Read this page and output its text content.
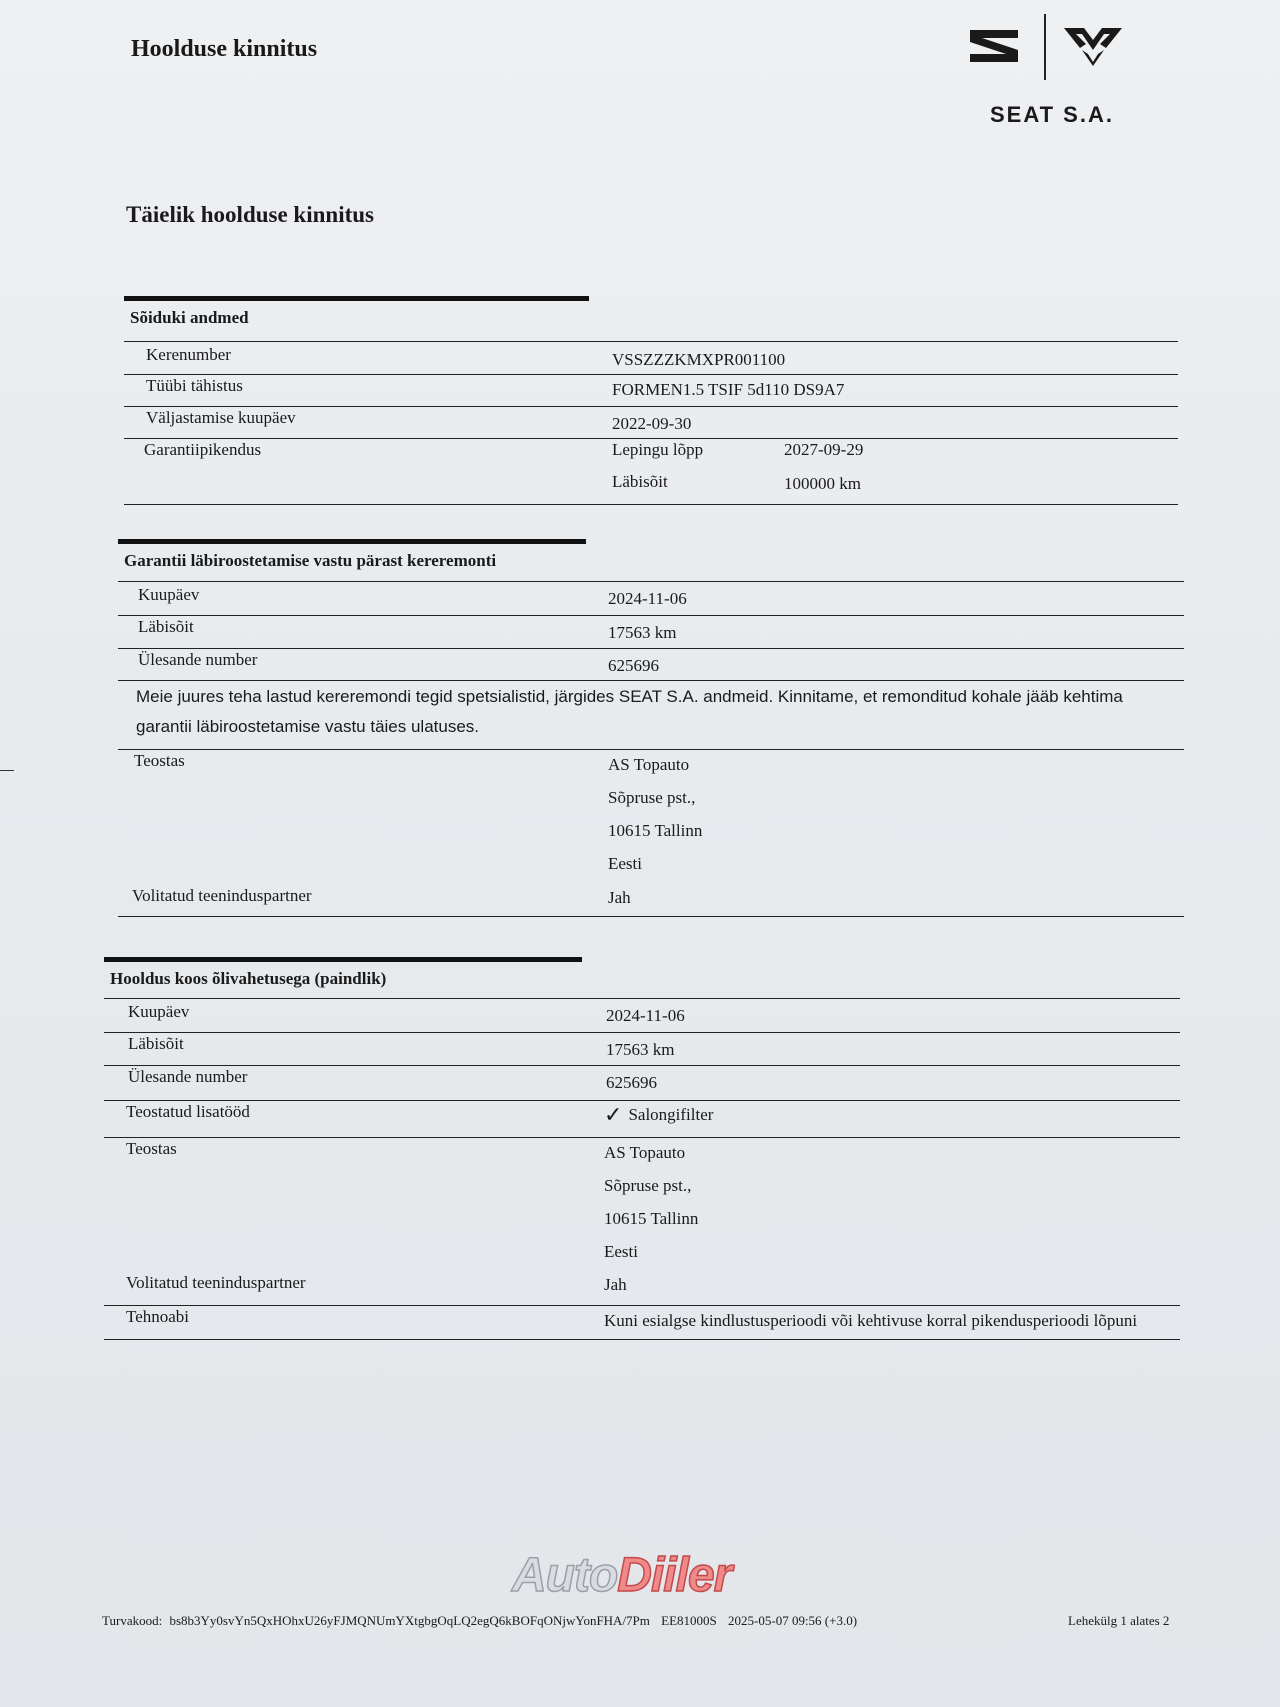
Hoolduse kinnitus
SEAT S.A.
Täielik hoolduse kinnitus
Sõiduki andmed
Kerenumber	VSSZZZKMXPR001100
Tüübi tähistus	FORMEN1.5 TSIF 5d110 DS9A7
Väljastamise kuupäev	2022-09-30
Garantiipikendus	Lepingu lõpp	2027-09-29
Läbisõit	100000 km
Garantii läbiroostetamise vastu pärast kereremonti
Kuupäev	2024-11-06
Läbisõit	17563 km
Ülesande number	625696
Meie juures teha lastud kereremondi tegid spetsialistid, järgides SEAT S.A. andmeid. Kinnitame, et remonditud kohale jääb kehtima
garantii läbiroostetamise vastu täies ulatuses.
Teostas	AS Topauto
Sõpruse pst.,
10615 Tallinn
Eesti
Volitatud teeninduspartner	Jah
Hooldus koos õlivahetusega (paindlik)
Kuupäev	2024-11-06
Läbisõit	17563 km
Ülesande number	625696
Teostatud lisatööd	✓ Salongifilter
Teostas	AS Topauto
Sõpruse pst.,
10615 Tallinn
Eesti
Volitatud teeninduspartner	Jah
Tehnoabi	Kuni esialgse kindlustusperioodi või kehtivuse korral pikendusperioodi lõpuni
AutoDiiler
Turvakood: bs8b3Yy0svYn5QxHOhxU26yFJMQNUmYXtgbgOqLQ2egQ6kBOFqONjwYonFHA/7Pm EE81000S 2025-05-07 09:56 (+3.0)	Lehekülg 1 alates 2
